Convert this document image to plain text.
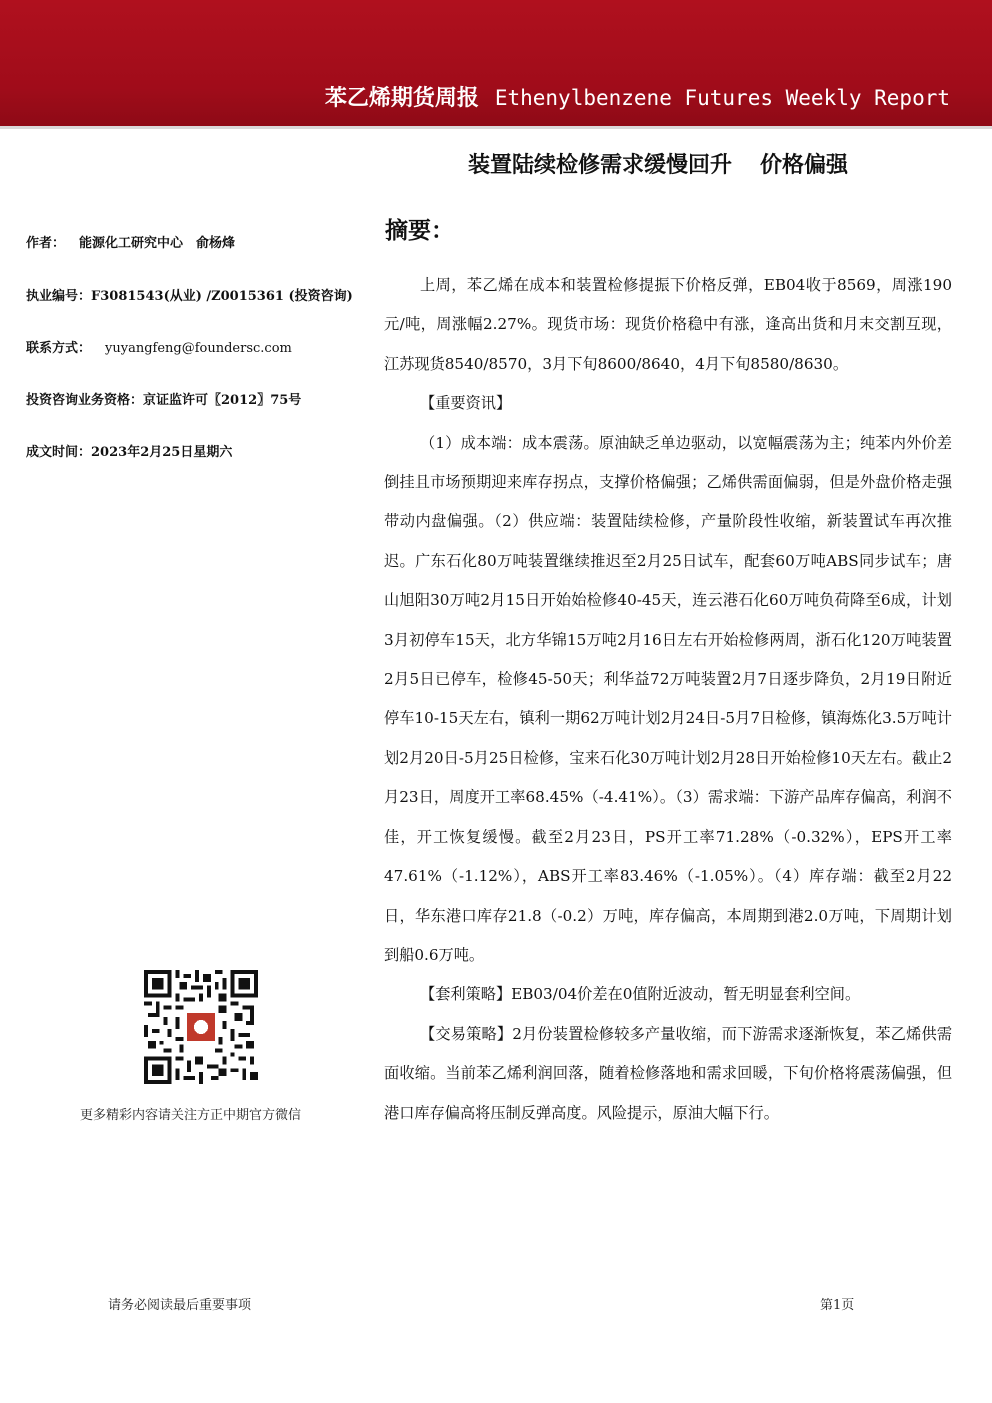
苯乙烯期货周报 Ethenylbenzene Futures Weekly Report
装置陆续检修需求缓慢回升 价格偏强
作者： 能源化工研究中心　俞杨烽
执业编号：F3081543(从业) /Z0015361 (投资咨询)
联系方式： yuyangfeng@foundersc.com
投资咨询业务资格：京证监许可〖2012〗75号
成文时间：2023年2月25日星期六
摘要：

上周，苯乙烯在成本和装置检修提振下价格反弹，EB04收于8569，周涨190元/吨，周涨幅2.27%。现货市场：现货价格稳中有涨，逢高出货和月末交割互现，江苏现货8540/8570，3月下旬8600/8640，4月下旬8580/8630。

【重要资讯】

（1）成本端：成本震荡。原油缺乏单边驱动，以宽幅震荡为主；纯苯内外价差倒挂且市场预期迎来库存拐点，支撑价格偏强；乙烯供需面偏弱，但是外盘价格走强带动内盘偏强。（2）供应端：装置陆续检修，产量阶段性收缩，新装置试车再次推迟。广东石化80万吨装置继续推迟至2月25日试车，配套60万吨ABS同步试车；唐山旭阳30万吨2月15日开始始检修40-45天，连云港石化60万吨负荷降至6成，计划3月初停车15天，北方华锦15万吨2月16日左右开始检修两周，浙石化120万吨装置2月5日已停车，检修45-50天；利华益72万吨装置2月7日逐步降负，2月19日附近停车10-15天左右，镇利一期62万吨计划2月24日-5月7日检修，镇海炼化3.5万吨计划2月20日-5月25日检修，宝来石化30万吨计划2月28日开始检修10天左右。截止2月23日，周度开工率68.45%（-4.41%）。（3）需求端：下游产品库存偏高，利润不佳，开工恢复缓慢。截至2月23日，PS开工率71.28%（-0.32%），EPS开工率47.61%（-1.12%），ABS开工率83.46%（-1.05%）。（4）库存端：截至2月22日，华东港口库存21.8（-0.2）万吨，库存偏高，本周期到港2.0万吨，下周期计划到船0.6万吨。

【套利策略】EB03/04价差在0值附近波动，暂无明显套利空间。

【交易策略】2月份装置检修较多产量收缩，而下游需求逐渐恢复，苯乙烯供需面收缩。当前苯乙烯利润回落，随着检修落地和需求回暖，下旬价格将震荡偏强，但港口库存偏高将压制反弹高度。风险提示，原油大幅下行。

更多精彩内容请关注方正中期官方微信
请务必阅读最后重要事项	第1页
